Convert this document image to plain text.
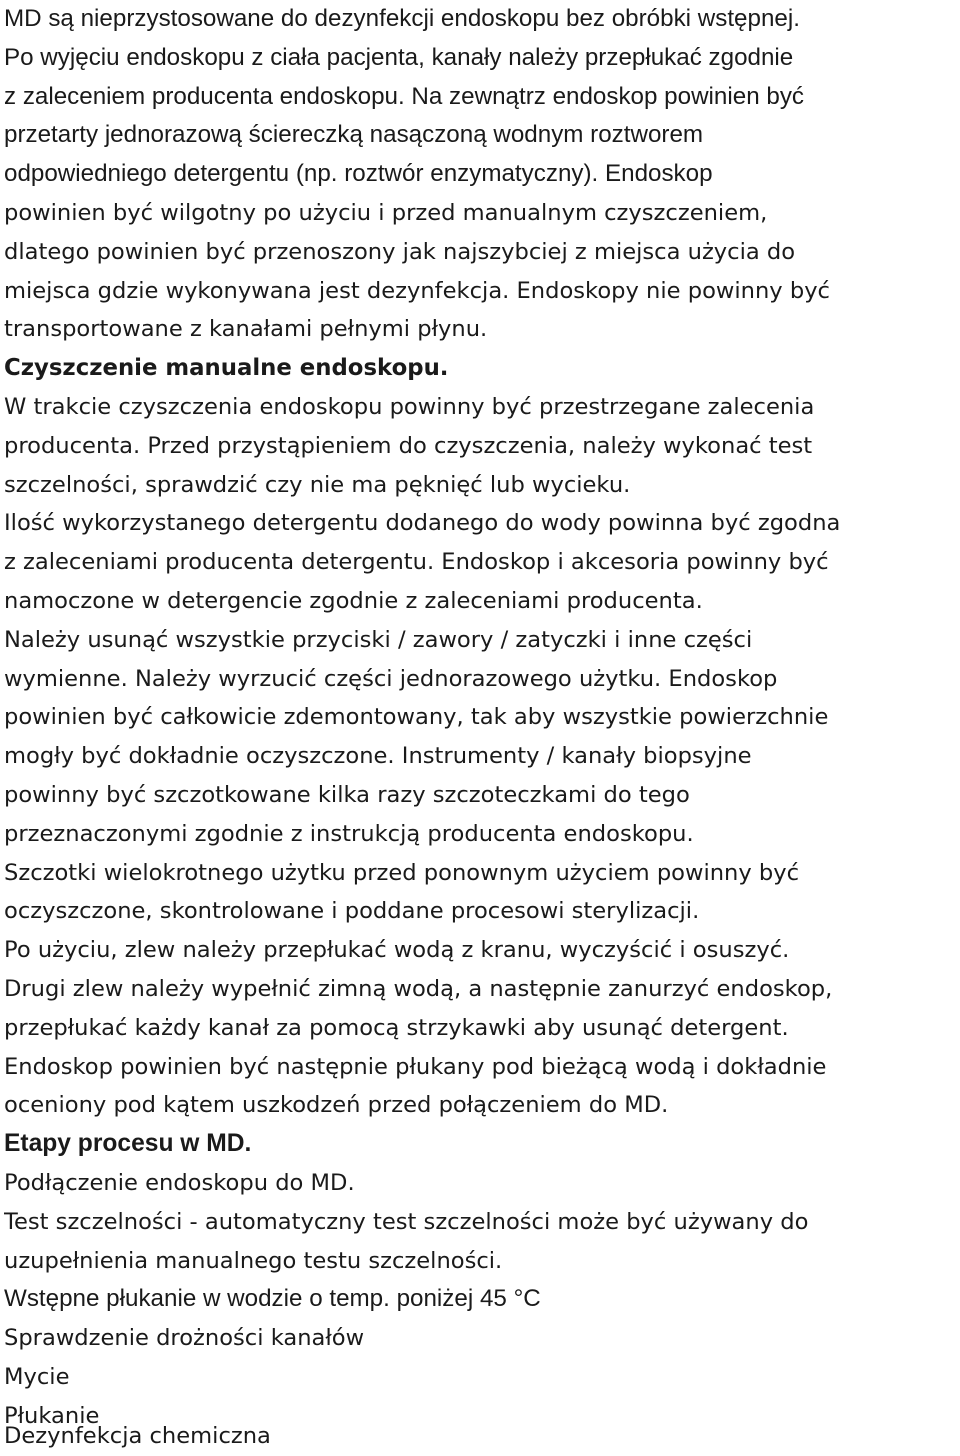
MD są nieprzystosowane do dezynfekcji endoskopu bez obróbki wstępnej.
Po wyjęciu endoskopu z ciała pacjenta, kanały należy przepłukać zgodnie
z zaleceniem producenta endoskopu. Na zewnątrz endoskop powinien być
przetarty jednorazową ściereczką nasączoną wodnym roztworem
odpowiedniego detergentu (np. roztwór enzymatyczny). Endoskop
powinien być wilgotny po użyciu i przed manualnym czyszczeniem,
dlatego powinien być przenoszony jak najszybciej z miejsca użycia do
miejsca gdzie wykonywana jest dezynfekcja. Endoskopy nie powinny być
transportowane z kanałami pełnymi płynu.
Czyszczenie manualne endoskopu.
W trakcie czyszczenia endoskopu powinny być przestrzegane zalecenia
producenta. Przed przystąpieniem do czyszczenia, należy wykonać test
szczelności, sprawdzić czy nie ma pęknięć lub wycieku.
Ilość wykorzystanego detergentu dodanego do wody powinna być zgodna
z zaleceniami producenta detergentu. Endoskop i akcesoria powinny być
namoczone w detergencie zgodnie z zaleceniami producenta.
Należy usunąć wszystkie przyciski / zawory / zatyczki i inne części
wymienne. Należy wyrzucić części jednorazowego użytku. Endoskop
powinien być całkowicie zdemontowany, tak aby wszystkie powierzchnie
mogły być dokładnie oczyszczone. Instrumenty / kanały biopsyjne
powinny być szczotkowane kilka razy szczoteczkami do tego
przeznaczonymi zgodnie z instrukcją producenta endoskopu.
Szczotki wielokrotnego użytku przed ponownym użyciem powinny być
oczyszczone, skontrolowane i poddane procesowi sterylizacji.
Po użyciu, zlew należy przepłukać wodą z kranu, wyczyścić i osuszyć.
Drugi zlew należy wypełnić zimną wodą, a następnie zanurzyć endoskop,
przepłukać każdy kanał za pomocą strzykawki aby usunąć detergent.
Endoskop powinien być następnie płukany pod bieżącą wodą i dokładnie
oceniony pod kątem uszkodzeń przed połączeniem do MD.
Etapy procesu w MD.
Podłączenie endoskopu do MD.
Test szczelności - automatyczny test szczelności może być używany do
uzupełnienia manualnego testu szczelności.
Wstępne płukanie w wodzie o temp. poniżej 45 °C
Sprawdzenie drożności kanałów
Mycie
Płukanie
Dezynfekcja chemiczna
